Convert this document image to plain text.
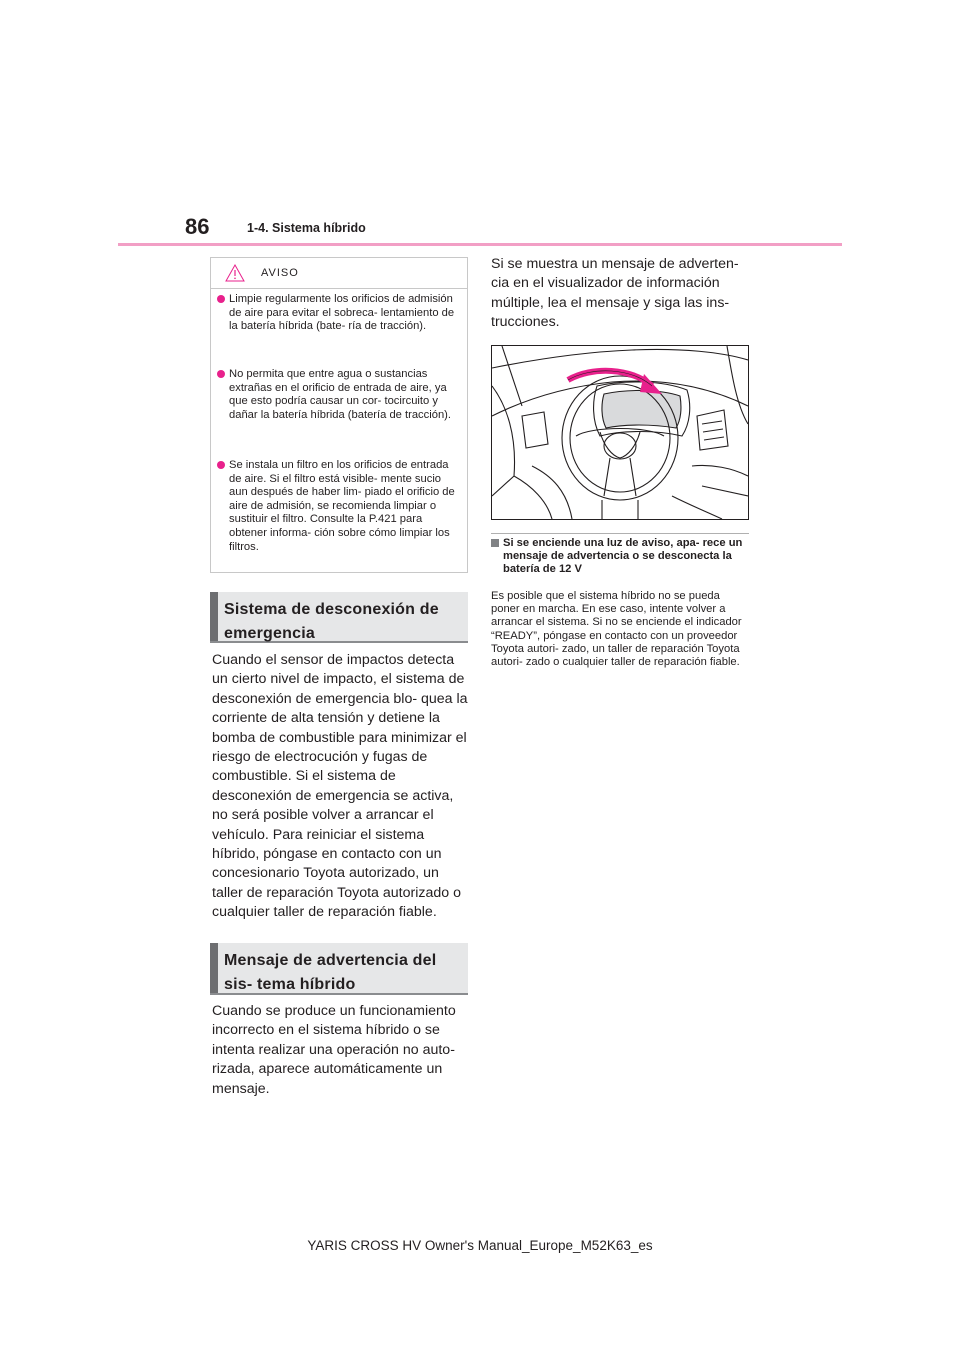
86	1-4. Sistema híbrido
AVISO
Limpie regularmente los orificios de admisión de aire para evitar el sobreca- lentamiento de la batería híbrida (bate- ría de tracción).
No permita que entre agua o sustancias extrañas en el orificio de entrada de aire, ya que esto podría causar un cor- tocircuito y dañar la batería híbrida (batería de tracción).
Se instala un filtro en los orificios de entrada de aire. Si el filtro está visible- mente sucio aun después de haber lim- piado el orificio de aire de admisión, se recomienda limpiar o sustituir el filtro. Consulte la P.421 para obtener informa- ción sobre cómo limpiar los filtros.
Sistema de desconexión de emergencia
Cuando el sensor de impactos detecta un cierto nivel de impacto, el sistema de desconexión de emergencia blo- quea la corriente de alta tensión y detiene la bomba de combustible para minimizar el riesgo de electrocución y fugas de combustible. Si el sistema de desconexión de emergencia se activa, no será posible volver a arrancar el vehículo. Para reiniciar el sistema híbrido, póngase en contacto con un concesionario Toyota autorizado, un taller de reparación Toyota autorizado o cualquier taller de reparación fiable.
Mensaje de advertencia del sis- tema híbrido
Cuando se produce un funcionamiento incorrecto en el sistema híbrido o se intenta realizar una operación no auto- rizada, aparece automáticamente un mensaje.
Si se muestra un mensaje de adverten- cia en el visualizador de información múltiple, lea el mensaje y siga las ins- trucciones.
Si se enciende una luz de aviso, apa- rece un mensaje de advertencia o se desconecta la batería de 12 V
Es posible que el sistema híbrido no se pueda poner en marcha. En ese caso, intente volver a arrancar el sistema. Si no se enciende el indicador “READY”, póngase en contacto con un proveedor Toyota autori- zado, un taller de reparación Toyota autori- zado o cualquier taller de reparación fiable.
YARIS CROSS HV Owner's Manual_Europe_M52K63_es
